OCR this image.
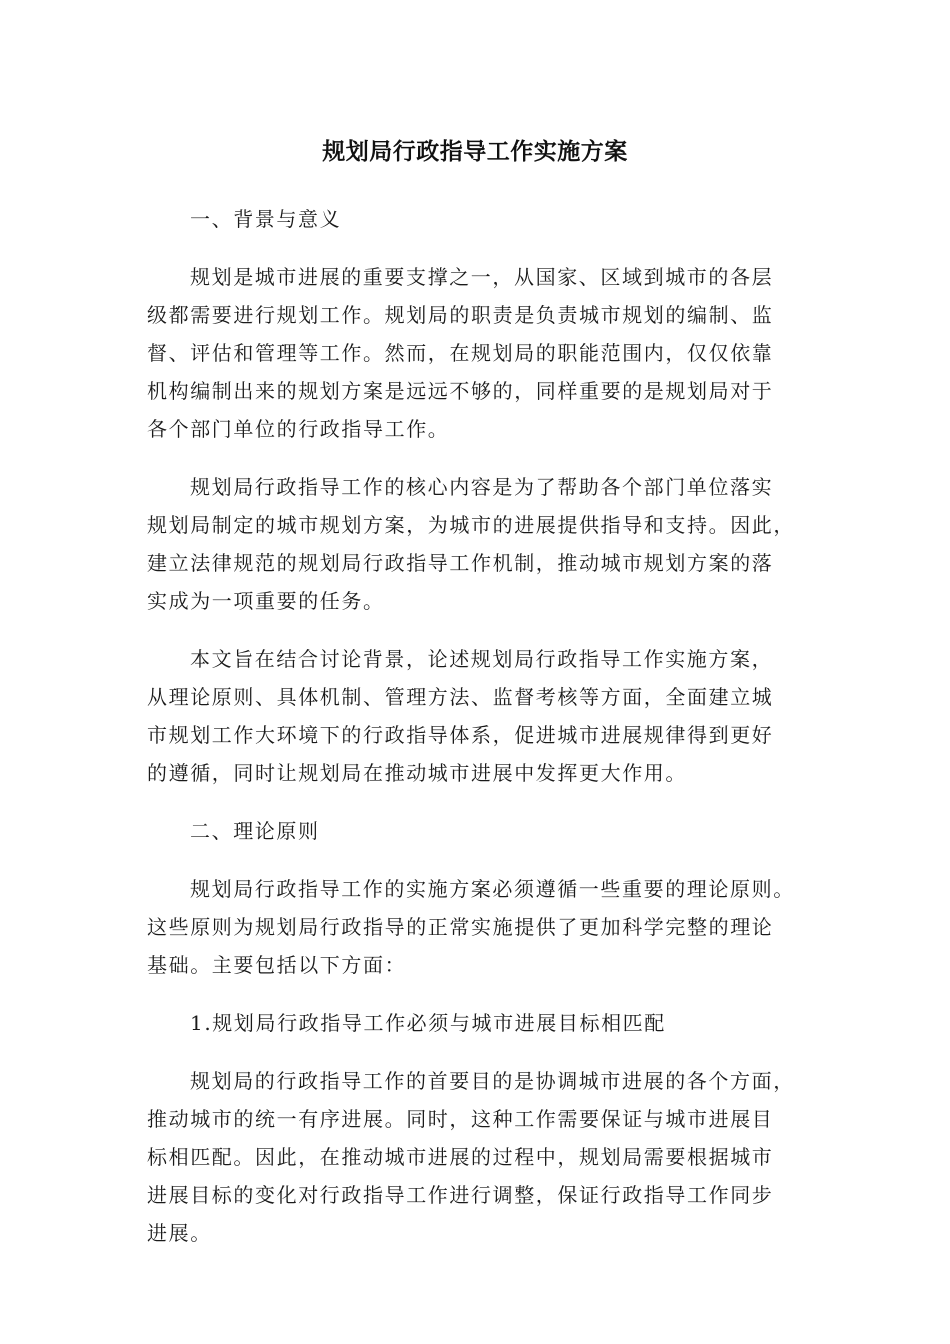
规划局行政指导工作实施方案
一、背景与意义
规划是城市进展的重要支撑之一，从国家、区域到城市的各层
级都需要进行规划工作。规划局的职责是负责城市规划的编制、监
督、评估和管理等工作。然而，在规划局的职能范围内，仅仅依靠
机构编制出来的规划方案是远远不够的，同样重要的是规划局对于
各个部门单位的行政指导工作。
规划局行政指导工作的核心内容是为了帮助各个部门单位落实
规划局制定的城市规划方案，为城市的进展提供指导和支持。因此，
建立法律规范的规划局行政指导工作机制，推动城市规划方案的落
实成为一项重要的任务。
本文旨在结合讨论背景，论述规划局行政指导工作实施方案，
从理论原则、具体机制、管理方法、监督考核等方面，全面建立城
市规划工作大环境下的行政指导体系，促进城市进展规律得到更好
的遵循，同时让规划局在推动城市进展中发挥更大作用。
二、理论原则
规划局行政指导工作的实施方案必须遵循一些重要的理论原则。
这些原则为规划局行政指导的正常实施提供了更加科学完整的理论
基础。主要包括以下方面：
1.规划局行政指导工作必须与城市进展目标相匹配
规划局的行政指导工作的首要目的是协调城市进展的各个方面，
推动城市的统一有序进展。同时，这种工作需要保证与城市进展目
标相匹配。因此，在推动城市进展的过程中，规划局需要根据城市
进展目标的变化对行政指导工作进行调整，保证行政指导工作同步
进展。
